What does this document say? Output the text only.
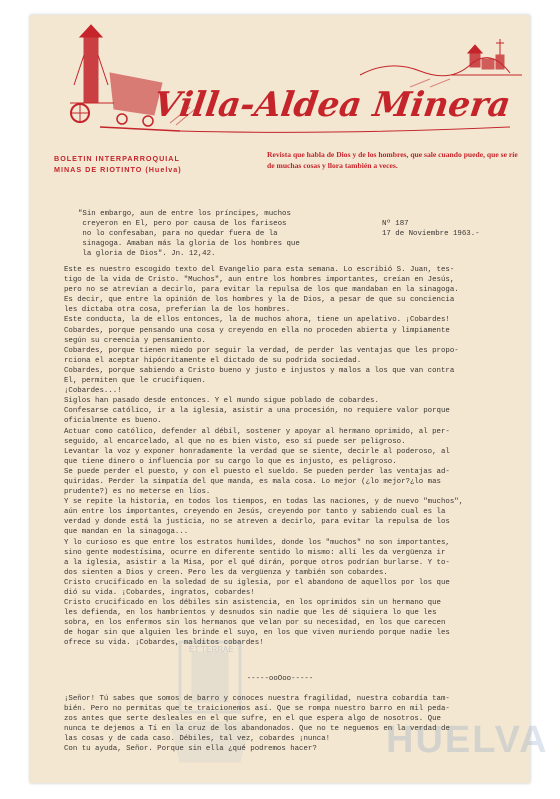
Villa-Aldea Minera
BOLETIN INTERPARROQUIAL
MINAS DE RIOTINTO (Huelva)
Revista que habla de Dios y de los hombres, que sale cuando puede, que se ríe de muchas cosas y llora también a veces.
"Sin embargo, aun de entre los príncipes, muchos
creyeron en El, pero por causa de los fariseos
no lo confesaban, para no quedar fuera de la
sinagoga. Amaban más la gloria de los hombres que
la gloria de Dios". Jn. 12,42.
Nº 187
17 de Noviembre 1963.-
Este es nuestro escogido texto del Evangelio para esta semana. Lo escribió S. Juan, tes-
tigo de la vida de Cristo. "Muchos", aun entre los hombres importantes, creían en Jesús,
pero no se atrevían a decirlo, para evitar la repulsa de los que mandaban en la sinagoga.
Es decir, que entre la opinión de los hombres y la de Dios, a pesar de que su conciencia
les dictaba otra cosa, preferían la de los hombres.
Este conducta, la de ellos entonces, la de muchos ahora, tiene un apelativo. ¡Cobardes!
Cobardes, porque pensando una cosa y creyendo en ella no proceden abierta y limpiamente
según su creencia y pensamiento.
Cobardes, porque tienen miedo por seguir la verdad, de perder las ventajas que les propo-
rciona el aceptar hipócritamente el dictado de su podrida sociedad.
Cobardes, porque sabiendo a Cristo bueno y justo e injustos y malos a los que van contra
El, permiten que le crucifiquen.
¡Cobardes...!
Siglos han pasado desde entonces. Y el mundo sigue poblado de cobardes.
Confesarse católico, ir a la iglesia, asistir a una procesión, no requiere valor porque
oficialmente es bueno.
Actuar como católico, defender al débil, sostener y apoyar al hermano oprimido, al per-
seguido, al encarcelado, al que no es bien visto, eso sí puede ser peligroso.
Levantar la voz y exponer honradamente la verdad que se siente, decirle al poderoso, al
que tiene dinero o influencia por su cargo lo que es injusto, es peligroso.
Se puede perder el puesto, y con el puesto el sueldo. Se pueden perder las ventajas ad-
quiridas. Perder la simpatía del que manda, es mala cosa. Lo mejor (¿lo mejor?¿lo mas
prudente?) es no meterse en líos.
Y se repite la historia, en todos los tiempos, en todas las naciones, y de nuevo "muchos",
aún entre los importantes, creyendo en Jesús, creyendo por tanto y sabiendo cual es la
verdad y donde está la justicia, no se atreven a decirlo, para evitar la repulsa de los
que mandan en la sinagoga...
Y lo curioso es que entre los estratos humildes, donde los "muchos" no son importantes,
sino gente modestísima, ocurre en diferente sentido lo mismo: allí les da vergüenza ir
a la iglesia, asistir a la Misa, por el qué dirán, porque otros podrían burlarse. Y to-
dos sienten a Dios y creen. Pero les da vergüenza y también son cobardes.
Cristo crucificado en la soledad de su iglesia, por el abandono de aquellos por los que
dió su vida. ¡Cobardes, ingratos, cobardes!
Cristo crucificado en los débiles sin asistencia, en los oprimidos sin un hermano que
les defienda, en los hambrientos y desnudos sin nadie que les dé siquiera lo que les
sobra, en los enfermos sin los hermanos que velan por su necesidad, en los que carecen
de hogar sin que alguien les brinde el suyo, en los que viven muriendo porque nadie les
ofrece su vida. ¡Cobardes, malditos cobardes!
ET TERRAE
HUELVA
-----ooOoo-----
¡Señor! Tú sabes que somos de barro y conoces nuestra fragilidad, nuestra cobardía tam-
bién. Pero no permitas que te traicionemos así. Que se rompa nuestro barro en mil peda-
zos antes que serte desleales en el que sufre, en el que espera algo de nosotros. Que
nunca te dejemos a Tí en la cruz de los abandonados. Que no te neguemos en la verdad de
las cosas y de cada caso. Débiles, tal vez, cobardes ¡nunca!
Con tu ayuda, Señor. Porque sin ella ¿qué podremos hacer?
